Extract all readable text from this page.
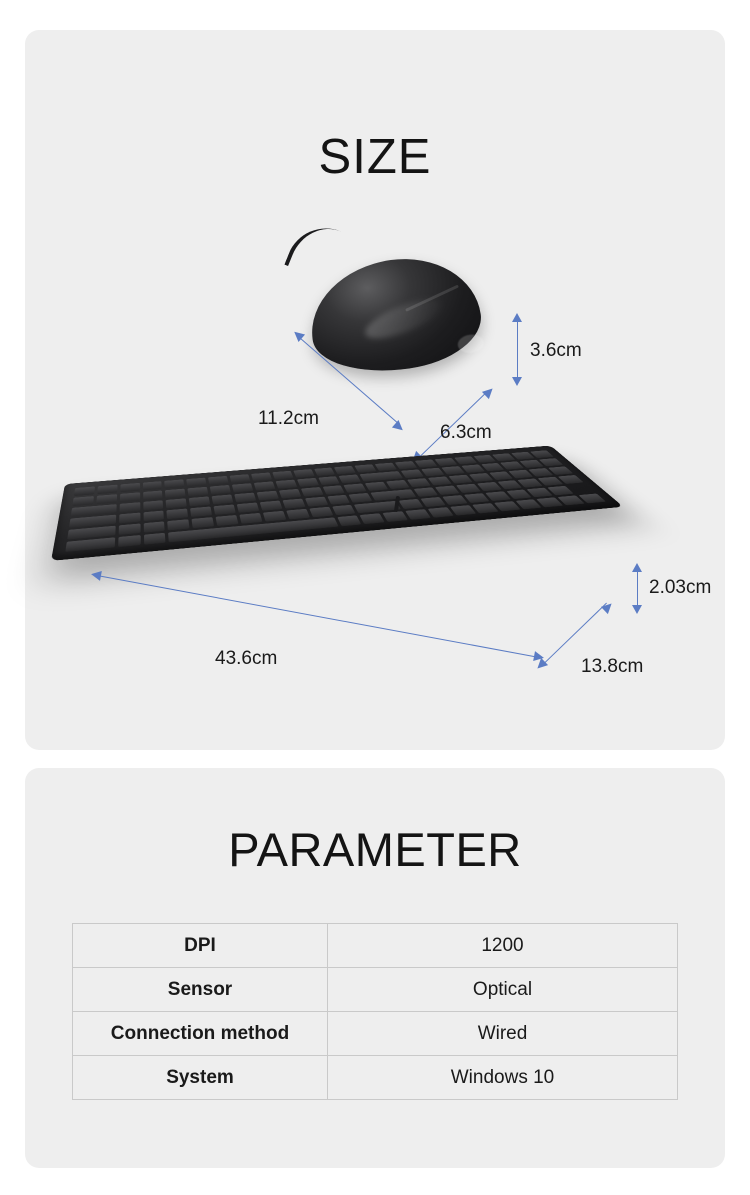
SIZE
3.6cm
11.2cm
6.3cm
2.03cm
43.6cm	13.8cm
PARAMETER
DPI	1200
Sensor	Optical
Connection method	Wired
System	Windows 10
